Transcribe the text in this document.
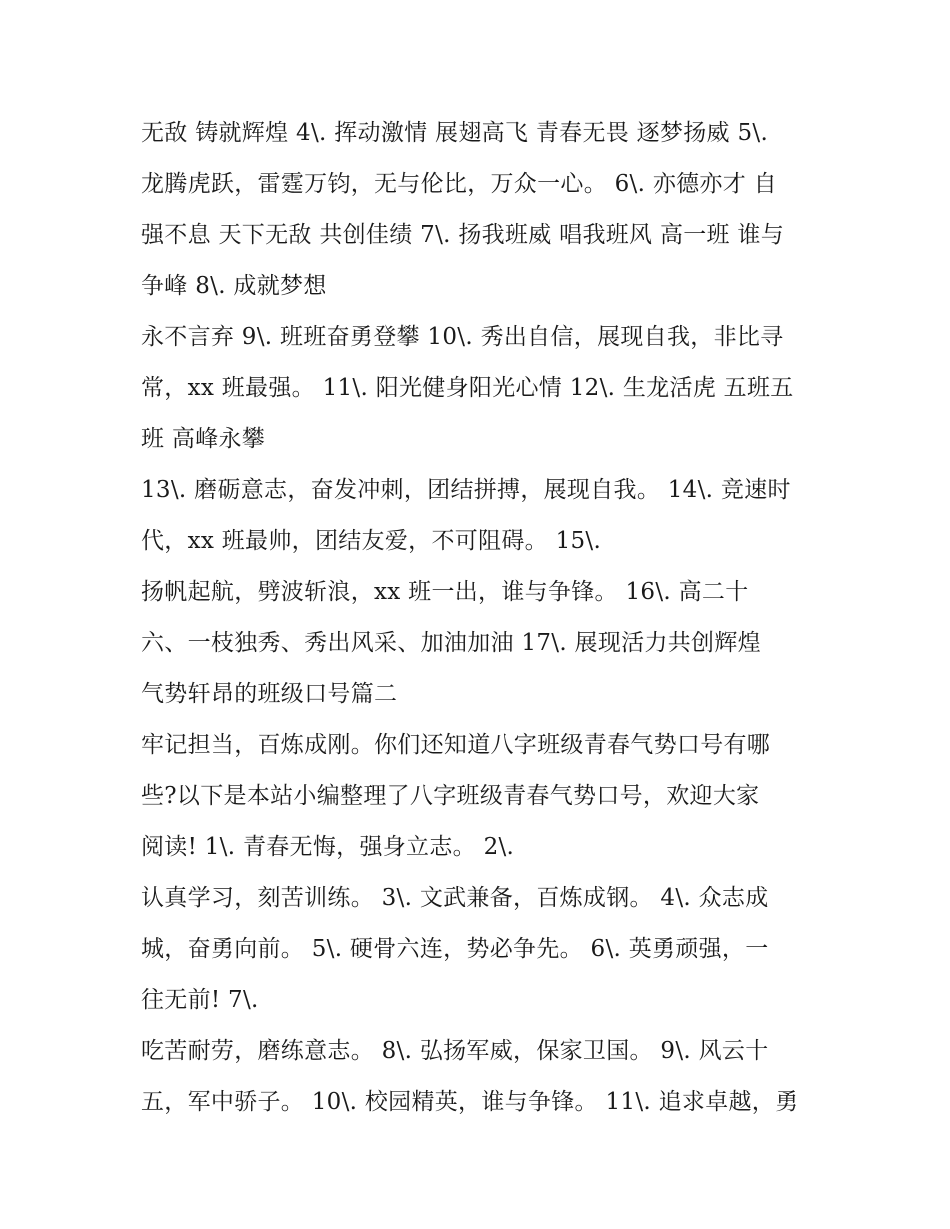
无敌 铸就辉煌 4\. 挥动激情 展翅高飞 青春无畏 逐梦扬威 5\.
龙腾虎跃，雷霆万钧，无与伦比，万众一心。 6\. 亦德亦才 自
强不息 天下无敌 共创佳绩 7\. 扬我班威 唱我班风 高一班 谁与
争峰 8\. 成就梦想
永不言弃 9\. 班班奋勇登攀 10\. 秀出自信，展现自我，非比寻
常，xx 班最强。 11\. 阳光健身阳光心情 12\. 生龙活虎 五班五
班 高峰永攀
13\. 磨砺意志，奋发冲刺，团结拼搏，展现自我。 14\. 竞速时
代，xx 班最帅，团结友爱，不可阻碍。 15\.
扬帆起航，劈波斩浪，xx 班一出，谁与争锋。 16\. 高二十
六、一枝独秀、秀出风采、加油加油 17\. 展现活力共创辉煌
气势轩昂的班级口号篇二
牢记担当，百炼成刚。你们还知道八字班级青春气势口号有哪
些?以下是本站小编整理了八字班级青春气势口号，欢迎大家
阅读! 1\. 青春无悔，强身立志。 2\.
认真学习，刻苦训练。 3\. 文武兼备，百炼成钢。 4\. 众志成
城，奋勇向前。 5\. 硬骨六连，势必争先。 6\. 英勇顽强，一
往无前! 7\.
吃苦耐劳，磨练意志。 8\. 弘扬军威，保家卫国。 9\. 风云十
五，军中骄子。 10\. 校园精英，谁与争锋。 11\. 追求卓越，勇
